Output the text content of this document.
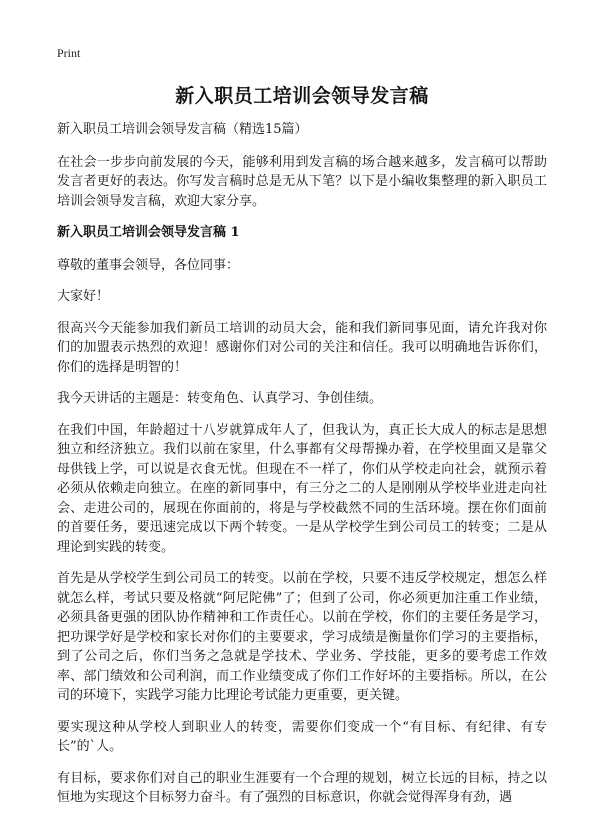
Print
新入职员工培训会领导发言稿

新入职员工培训会领导发言稿（精选15篇）

在社会一步步向前发展的今天，能够利用到发言稿的场合越来越多，发言稿可以帮助发言者更好的表达。你写发言稿时总是无从下笔？以下是小编收集整理的新入职员工培训会领导发言稿，欢迎大家分享。

新入职员工培训会领导发言稿 1

尊敬的董事会领导，各位同事：

大家好！

很高兴今天能参加我们新员工培训的动员大会，能和我们新同事见面，请允许我对你们的加盟表示热烈的欢迎！感谢你们对公司的关注和信任。我可以明确地告诉你们，你们的选择是明智的！

我今天讲话的主题是：转变角色、认真学习、争创佳绩。

在我们中国，年龄超过十八岁就算成年人了，但我认为，真正长大成人的标志是思想独立和经济独立。我们以前在家里，什么事都有父母帮操办着，在学校里面又是靠父母供钱上学，可以说是衣食无忧。但现在不一样了，你们从学校走向社会，就预示着必须从依赖走向独立。在座的新同事中，有三分之二的人是刚刚从学校毕业进走向社会、走进公司的，展现在你面前的，将是与学校截然不同的生活环境。摆在你们面前的首要任务，要迅速完成以下两个转变。一是从学校学生到公司员工的转变；二是从理论到实践的转变。

首先是从学校学生到公司员工的转变。以前在学校，只要不违反学校规定，想怎么样就怎么样，考试只要及格就“阿尼陀佛”了；但到了公司，你必须更加注重工作业绩，必须具备更强的团队协作精神和工作责任心。以前在学校，你们的主要任务是学习，把功课学好是学校和家长对你们的主要要求，学习成绩是衡量你们学习的主要指标，到了公司之后，你们当务之急就是学技术、学业务、学技能，更多的要考虑工作效率、部门绩效和公司利润，而工作业绩变成了你们工作好坏的主要指标。所以，在公司的环境下，实践学习能力比理论考试能力更重要，更关键。

要实现这种从学校人到职业人的转变，需要你们变成一个“有目标、有纪律、有专长”的`人。

有目标，要求你们对自己的职业生涯要有一个合理的规划，树立长远的目标，持之以恒地为实现这个目标努力奋斗。有了强烈的目标意识，你就会觉得浑身有劲，遇
